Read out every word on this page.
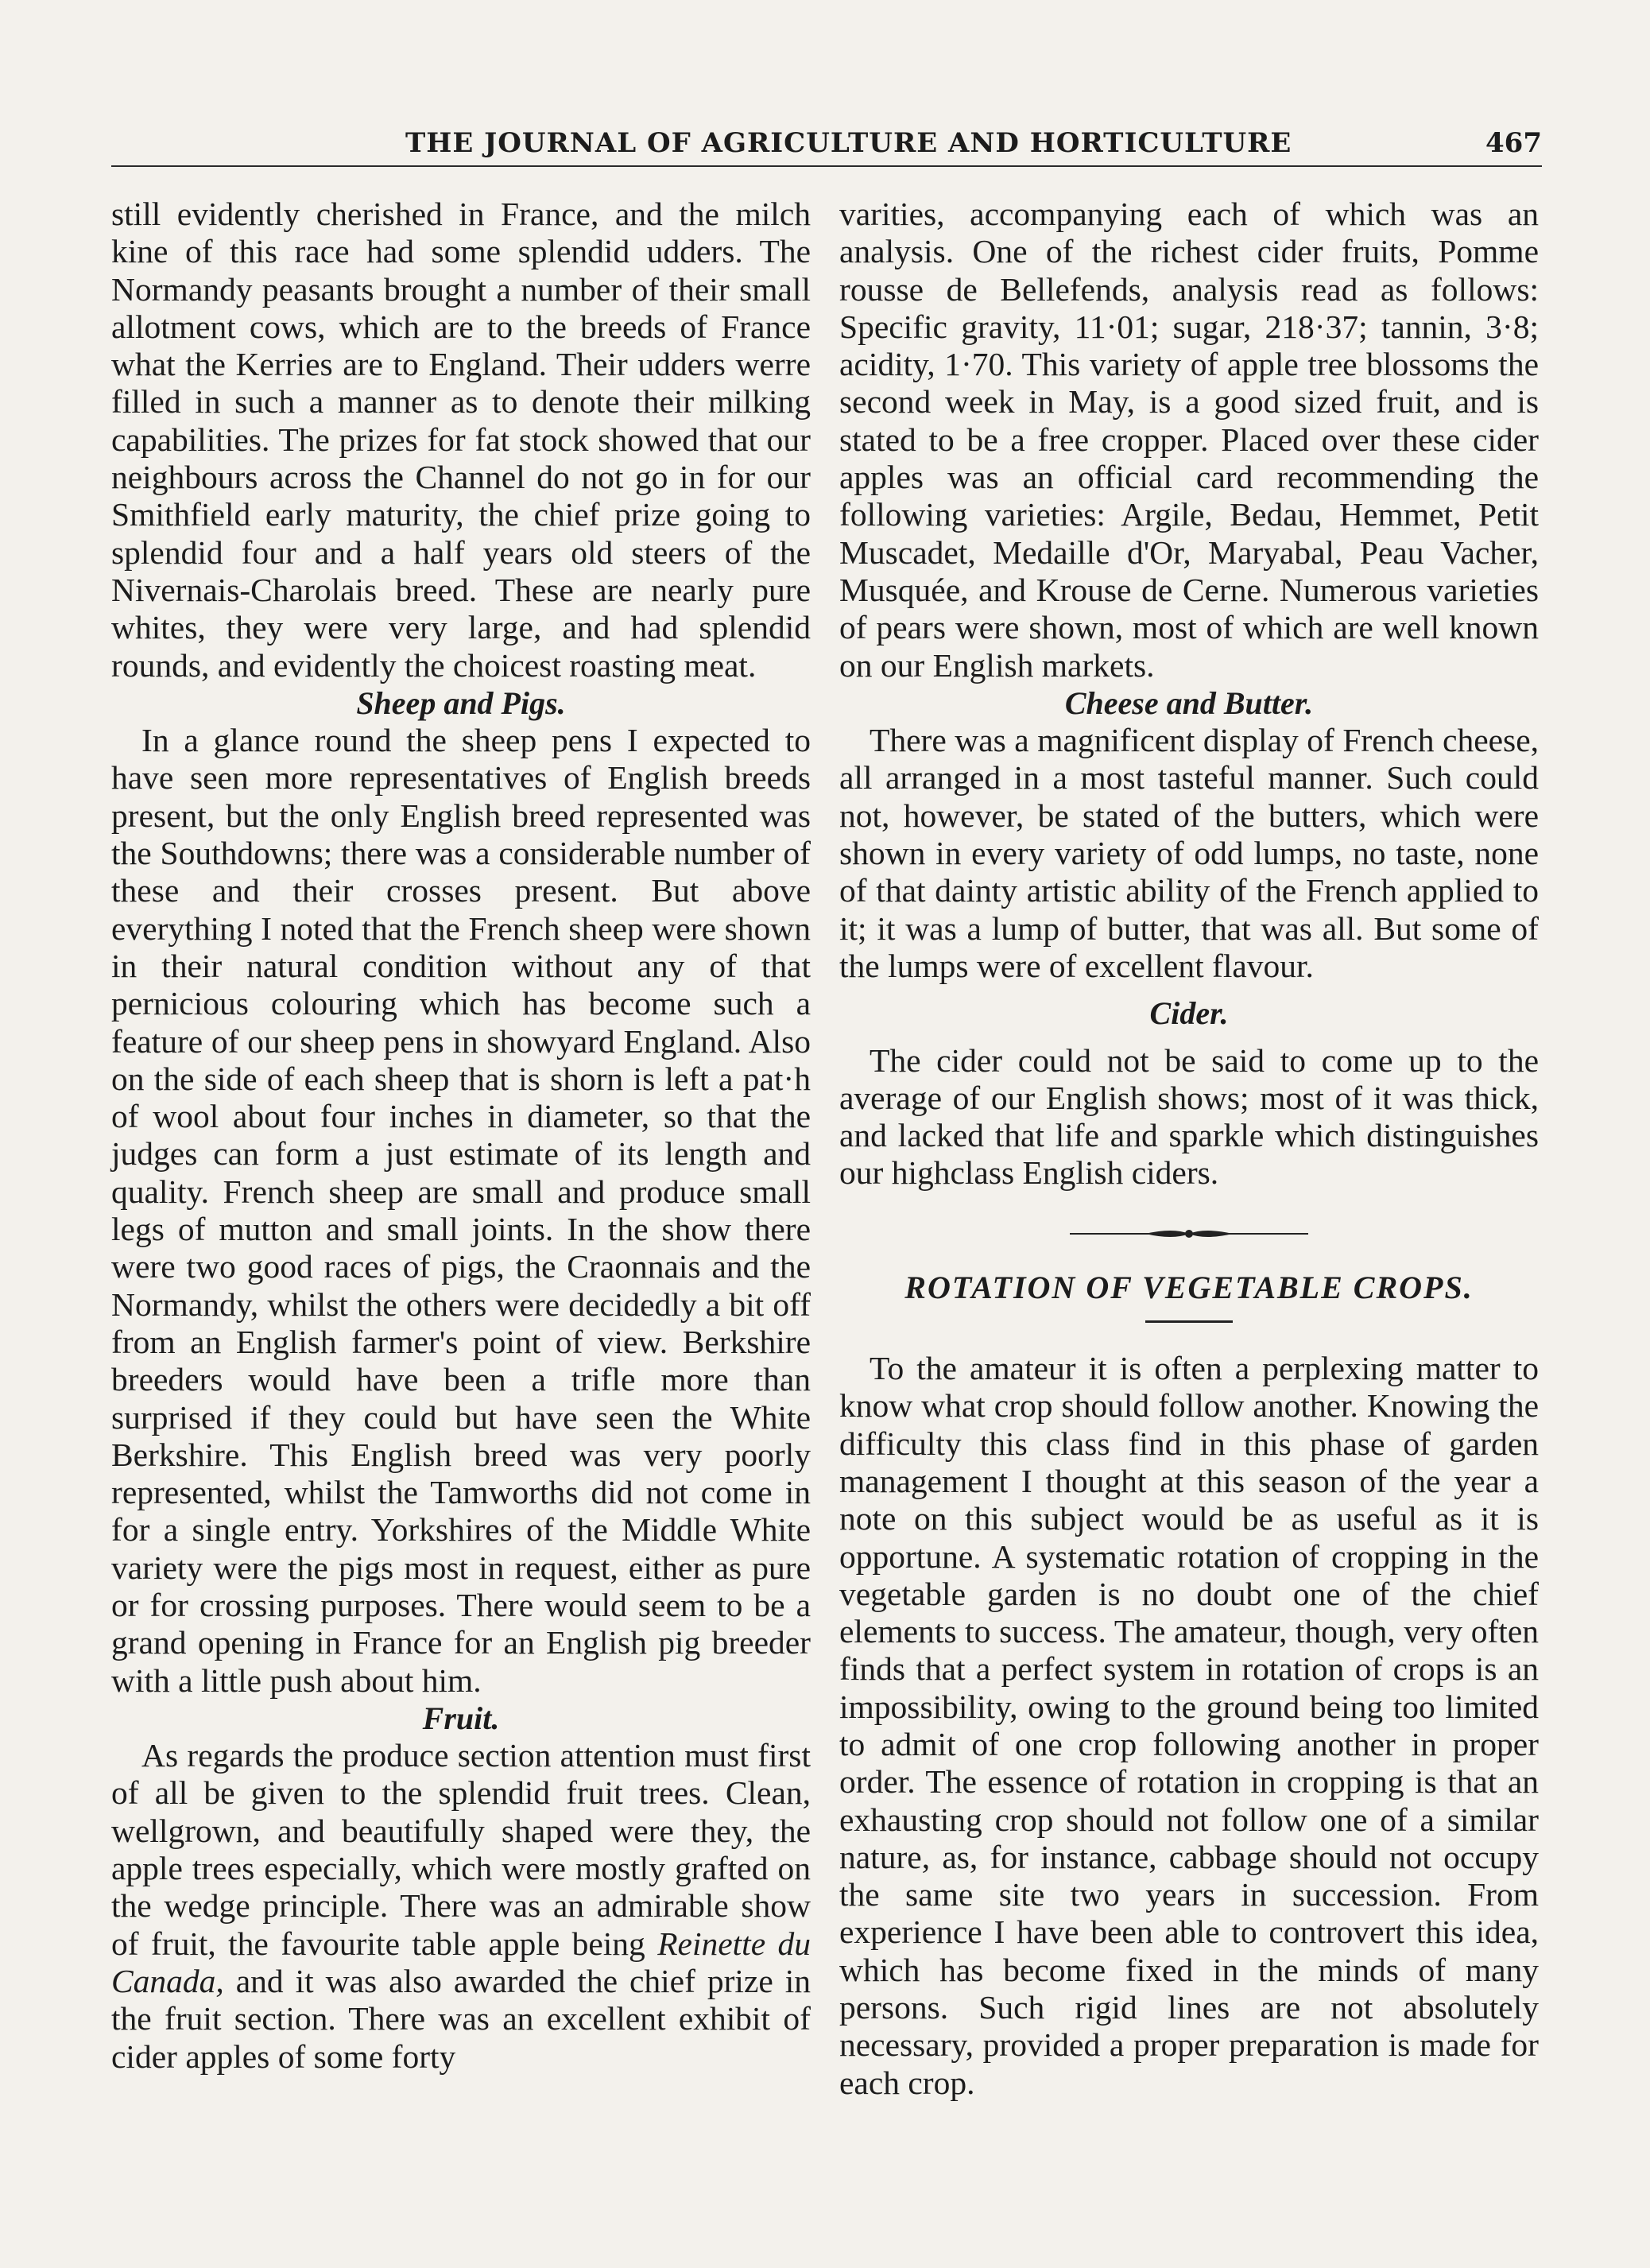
THE JOURNAL OF AGRICULTURE AND HORTICULTURE	467

still evidently cherished in France, and the milch kine of this race had some splendid udders. The Normandy peasants brought a number of their small allotment cows, which are to the breeds of France what the Kerries are to England. Their udders werre filled in such a manner as to denote their milking capabilities. The prizes for fat stock showed that our neighbours across the Channel do not go in for our Smithfield early maturity, the chief prize going to splendid four and a half years old steers of the Nivernais-Charolais breed. These are nearly pure whites, they were very large, and had splendid rounds, and evidently the choicest roasting meat.

Sheep and Pigs.

In a glance round the sheep pens I expected to have seen more representatives of English breeds present, but the only English breed represented was the Southdowns; there was a considerable number of these and their crosses present. But above everything I noted that the French sheep were shown in their natural condition without any of that pernicious colouring which has become such a feature of our sheep pens in showyard England. Also on the side of each sheep that is shorn is left a pat·h of wool about four inches in diameter, so that the judges can form a just estimate of its length and quality. French sheep are small and produce small legs of mutton and small joints. In the show there were two good races of pigs, the Craonnais and the Normandy, whilst the others were decidedly a bit off from an English farmer's point of view. Berkshire breeders would have been a trifle more than surprised if they could but have seen the White Berkshire. This English breed was very poorly represented, whilst the Tamworths did not come in for a single entry. Yorkshires of the Middle White variety were the pigs most in request, either as pure or for crossing purposes. There would seem to be a grand opening in France for an English pig breeder with a little push about him.

Fruit.

As regards the produce section attention must first of all be given to the splendid fruit trees. Clean, wellgrown, and beautifully shaped were they, the apple trees especially, which were mostly grafted on the wedge principle. There was an admirable show of fruit, the favourite table apple being Reinette du Canada, and it was also awarded the chief prize in the fruit section. There was an excellent exhibit of cider apples of some forty

varities, accompanying each of which was an analysis. One of the richest cider fruits, Pomme rousse de Bellefends, analysis read as follows: Specific gravity, 11·01; sugar, 218·37; tannin, 3·8; acidity, 1·70. This variety of apple tree blossoms the second week in May, is a good sized fruit, and is stated to be a free cropper. Placed over these cider apples was an official card recommending the following varieties: Argile, Bedau, Hemmet, Petit Muscadet, Medaille d'Or, Maryabal, Peau Vacher, Musquée, and Krouse de Cerne. Numerous varieties of pears were shown, most of which are well known on our English markets.

Cheese and Butter.

There was a magnificent display of French cheese, all arranged in a most tasteful manner. Such could not, however, be stated of the butters, which were shown in every variety of odd lumps, no taste, none of that dainty artistic ability of the French applied to it; it was a lump of butter, that was all. But some of the lumps were of excellent flavour.

Cider.

The cider could not be said to come up to the average of our English shows; most of it was thick, and lacked that life and sparkle which distinguishes our highclass English ciders.

ROTATION OF VEGETABLE CROPS.

To the amateur it is often a perplexing matter to know what crop should follow another. Knowing the difficulty this class find in this phase of garden management I thought at this season of the year a note on this subject would be as useful as it is opportune. A systematic rotation of cropping in the vegetable garden is no doubt one of the chief elements to success. The amateur, though, very often finds that a perfect system in rotation of crops is an impossibility, owing to the ground being too limited to admit of one crop following another in proper order. The essence of rotation in cropping is that an exhausting crop should not follow one of a similar nature, as, for instance, cabbage should not occupy the same site two years in succession. From experience I have been able to controvert this idea, which has become fixed in the minds of many persons. Such rigid lines are not absolutely necessary, provided a proper preparation is made for each crop.
